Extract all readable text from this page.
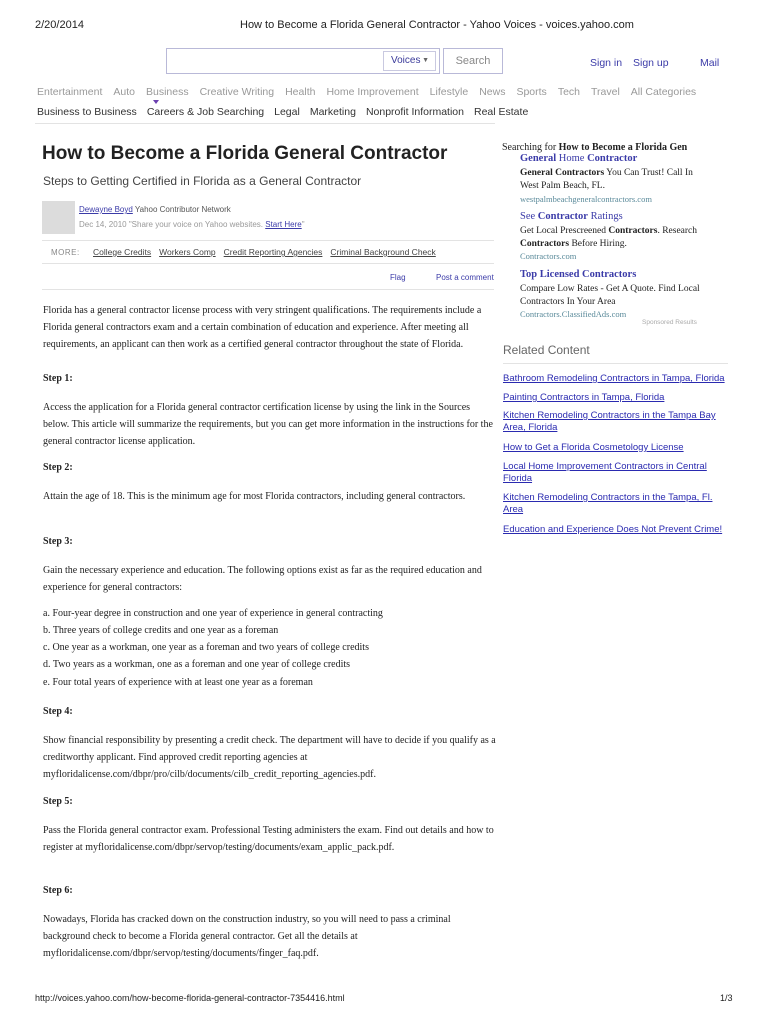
2/20/2014	How to Become a Florida General Contractor - Yahoo Voices - voices.yahoo.com
Voices ▼	Search	Sign in Sign up	Mail
Entertainment Auto Business Creative Writing Health Home Improvement Lifestyle News Sports Tech Travel All Categories
Business to Business Careers & Job Searching Legal Marketing Nonprofit Information Real Estate
How to Become a Florida General Contractor
Steps to Getting Certified in Florida as a General Contractor
Dewayne Boyd Yahoo Contributor Network
Dec 14, 2010 "Share your voice on Yahoo websites. Start Here"
MORE: College Credits Workers Comp Credit Reporting Agencies Criminal Background Check
Flag	Post a comment
Florida has a general contractor license process with very stringent qualifications. The requirements include a Florida general contractors exam and a certain combination of education and experience. After meeting all requirements, an applicant can then work as a certified general contractor throughout the state of Florida.
Step 1:
Access the application for a Florida general contractor certification license by using the link in the Sources below. This article will summarize the requirements, but you can get more information in the instructions for the general contractor license application.
Step 2:
Attain the age of 18. This is the minimum age for most Florida contractors, including general contractors.
Step 3:
Gain the necessary experience and education. The following options exist as far as the required education and experience for general contractors:
a. Four-year degree in construction and one year of experience in general contracting
b. Three years of college credits and one year as a foreman
c. One year as a workman, one year as a foreman and two years of college credits
d. Two years as a workman, one as a foreman and one year of college credits
e. Four total years of experience with at least one year as a foreman
Step 4:
Show financial responsibility by presenting a credit check. The department will have to decide if you qualify as a creditworthy applicant. Find approved credit reporting agencies at myfloridalicense.com/dbpr/pro/cilb/documents/cilb_credit_reporting_agencies.pdf.
Step 5:
Pass the Florida general contractor exam. Professional Testing administers the exam. Find out details and how to register at myfloridalicense.com/dbpr/servop/testing/documents/exam_applic_pack.pdf.
Step 6:
Nowadays, Florida has cracked down on the construction industry, so you will need to pass a criminal background check to become a Florida general contractor. Get all the details at myfloridalicense.com/dbpr/servop/testing/documents/finger_faq.pdf.
Searching for How to Become a Florida Gen
General Home Contractor
General Contractors You Can Trust! Call In
West Palm Beach, FL.
westpalmbeachgeneralcontractors.com
See Contractor Ratings
Get Local Prescreened Contractors. Research
Contractors Before Hiring.
Contractors.com
Top Licensed Contractors
Compare Low Rates - Get A Quote. Find Local
Contractors In Your Area
Contractors.ClassifiedAds.com
Sponsored Results
Related Content
Bathroom Remodeling Contractors in Tampa, Florida
Painting Contractors in Tampa, Florida
Kitchen Remodeling Contractors in the Tampa Bay Area, Florida
How to Get a Florida Cosmetology License
Local Home Improvement Contractors in Central Florida
Kitchen Remodeling Contractors in the Tampa, Fl. Area
Education and Experience Does Not Prevent Crime!
http://voices.yahoo.com/how-become-florida-general-contractor-7354416.html	1/3
